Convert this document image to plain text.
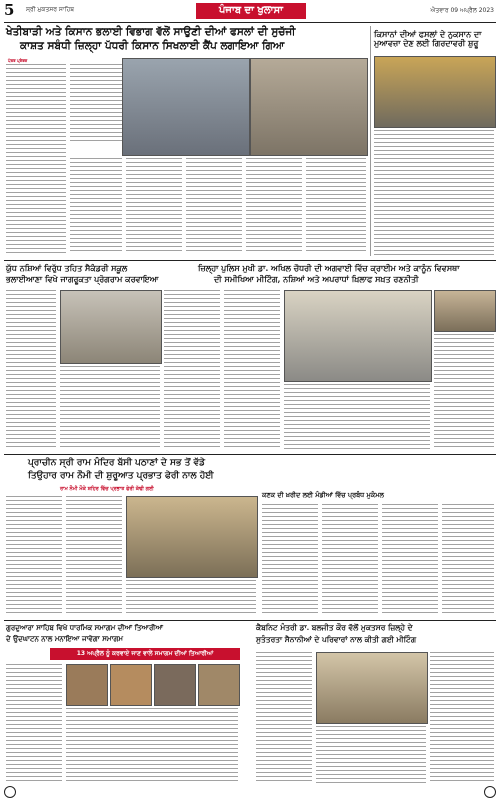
5 ਸ੍ਰੀ ਮੁਕਤਸਰ ਸਾਹਿਬ	ਪੰਜਾਬ ਦਾ ਖੁਲਾਸਾ	ਐਤਵਾਰ 09 ਅਪ੍ਰੈਲ 2023
ਖੇਤੀਬਾੜੀ ਅਤੇ ਕਿਸਾਨ ਭਲਾਈ ਵਿਭਾਗ ਵੱਲੋਂ ਸਾਉਣੀ ਦੀਆਂ ਫਸਲਾਂ ਦੀ ਸੁਚੱਜੀ
ਕਾਸ਼ਤ ਸਬੰਧੀ ਜ਼ਿਲ੍ਹਾ ਪੱਧਰੀ ਕਿਸਾਨ ਸਿਖਲਾਈ ਕੈਂਪ ਲਗਾਇਆ ਗਿਆ
ਪੱਤਰ ਪ੍ਰੇਰਕ
ਕਿਸਾਨਾਂ ਦੀਆਂ ਫਸਲਾਂ ਦੇ ਨੁਕਸਾਨ ਦਾ ਮੁਆਵਜ਼ਾ ਦੇਣ ਲਈ ਗਿਰਦਾਵਰੀ ਸ਼ੁਰੂ
ਯੁੱਧ ਨਸ਼ਿਆਂ ਵਿਰੁੱਧ ਤਹਿਤ ਸੈਕੰਡਰੀ ਸਕੂਲ
ਭਲਾਈਆਣਾ ਵਿਖੇ ਜਾਗਰੂਕਤਾ ਪ੍ਰੋਗਰਾਮ ਕਰਵਾਇਆ
ਜ਼ਿਲ੍ਹਾ ਪੁਲਿਸ ਮੁਖੀ ਡਾ. ਅਖਿਲ ਚੌਧਰੀ ਦੀ ਅਗਵਾਈ ਵਿੱਚ ਕ੍ਰਾਈਮ ਅਤੇ ਕਾਨੂੰਨ ਵਿਵਸਥਾ
ਦੀ ਸਮੀਖਿਆ ਮੀਟਿੰਗ, ਨਸ਼ਿਆਂ ਅਤੇ ਅਪਰਾਧਾਂ ਖ਼ਿਲਾਫ ਸਖ਼ਤ ਰਣਨੀਤੀ
ਪ੍ਰਾਚੀਨ ਸ੍ਰੀ ਰਾਮ ਮੰਦਿਰ ਬੱਸੀ ਪਠਾਣਾਂ ਦੇ ਸਭ ਤੋਂ ਵੱਡੇ
ਤਿਉਹਾਰ ਰਾਮ ਨੌਮੀ ਦੀ ਸ਼ੁਰੂਆਤ ਪ੍ਰਭਾਤ ਫੇਰੀ ਨਾਲ ਹੋਈ
ਰਾਮ ਨੌਮੀ ਮੌਕੇ ਸ਼ਹਿਰ ਵਿੱਚ ਪ੍ਰਭਾਤ ਫੇਰੀ ਕੱਢੀ ਗਈ
ਕਣਕ ਦੀ ਖ਼ਰੀਦ ਲਈ ਮੰਡੀਆਂ ਵਿੱਚ ਪ੍ਰਬੰਧ ਮੁਕੰਮਲ
ਗੁਰਦੁਆਰਾ ਸਾਹਿਬ ਵਿਖੇ ਧਾਰਮਿਕ ਸਮਾਗਮ ਦੀਆਂ ਤਿਆਰੀਆਂ
ਦੇ ਉਦਘਾਟਨ ਨਾਲ ਮਨਾਇਆ ਜਾਵੇਗਾ ਸਮਾਗਮ
13 ਅਪ੍ਰੈਲ ਨੂੰ ਕਰਵਾਏ ਜਾਣ ਵਾਲੇ ਸਮਾਗਮ ਦੀਆਂ ਤਿਆਰੀਆਂ
ਕੈਬਨਿਟ ਮੰਤਰੀ ਡਾ. ਬਲਜੀਤ ਕੌਰ ਵੱਲੋਂ ਮੁਕਤਸਰ ਜ਼ਿਲ੍ਹੇ ਦੇ
ਸੁਤੰਤਰਤਾ ਸੈਨਾਨੀਆਂ ਦੇ ਪਰਿਵਾਰਾਂ ਨਾਲ ਕੀਤੀ ਗਈ ਮੀਟਿੰਗ
